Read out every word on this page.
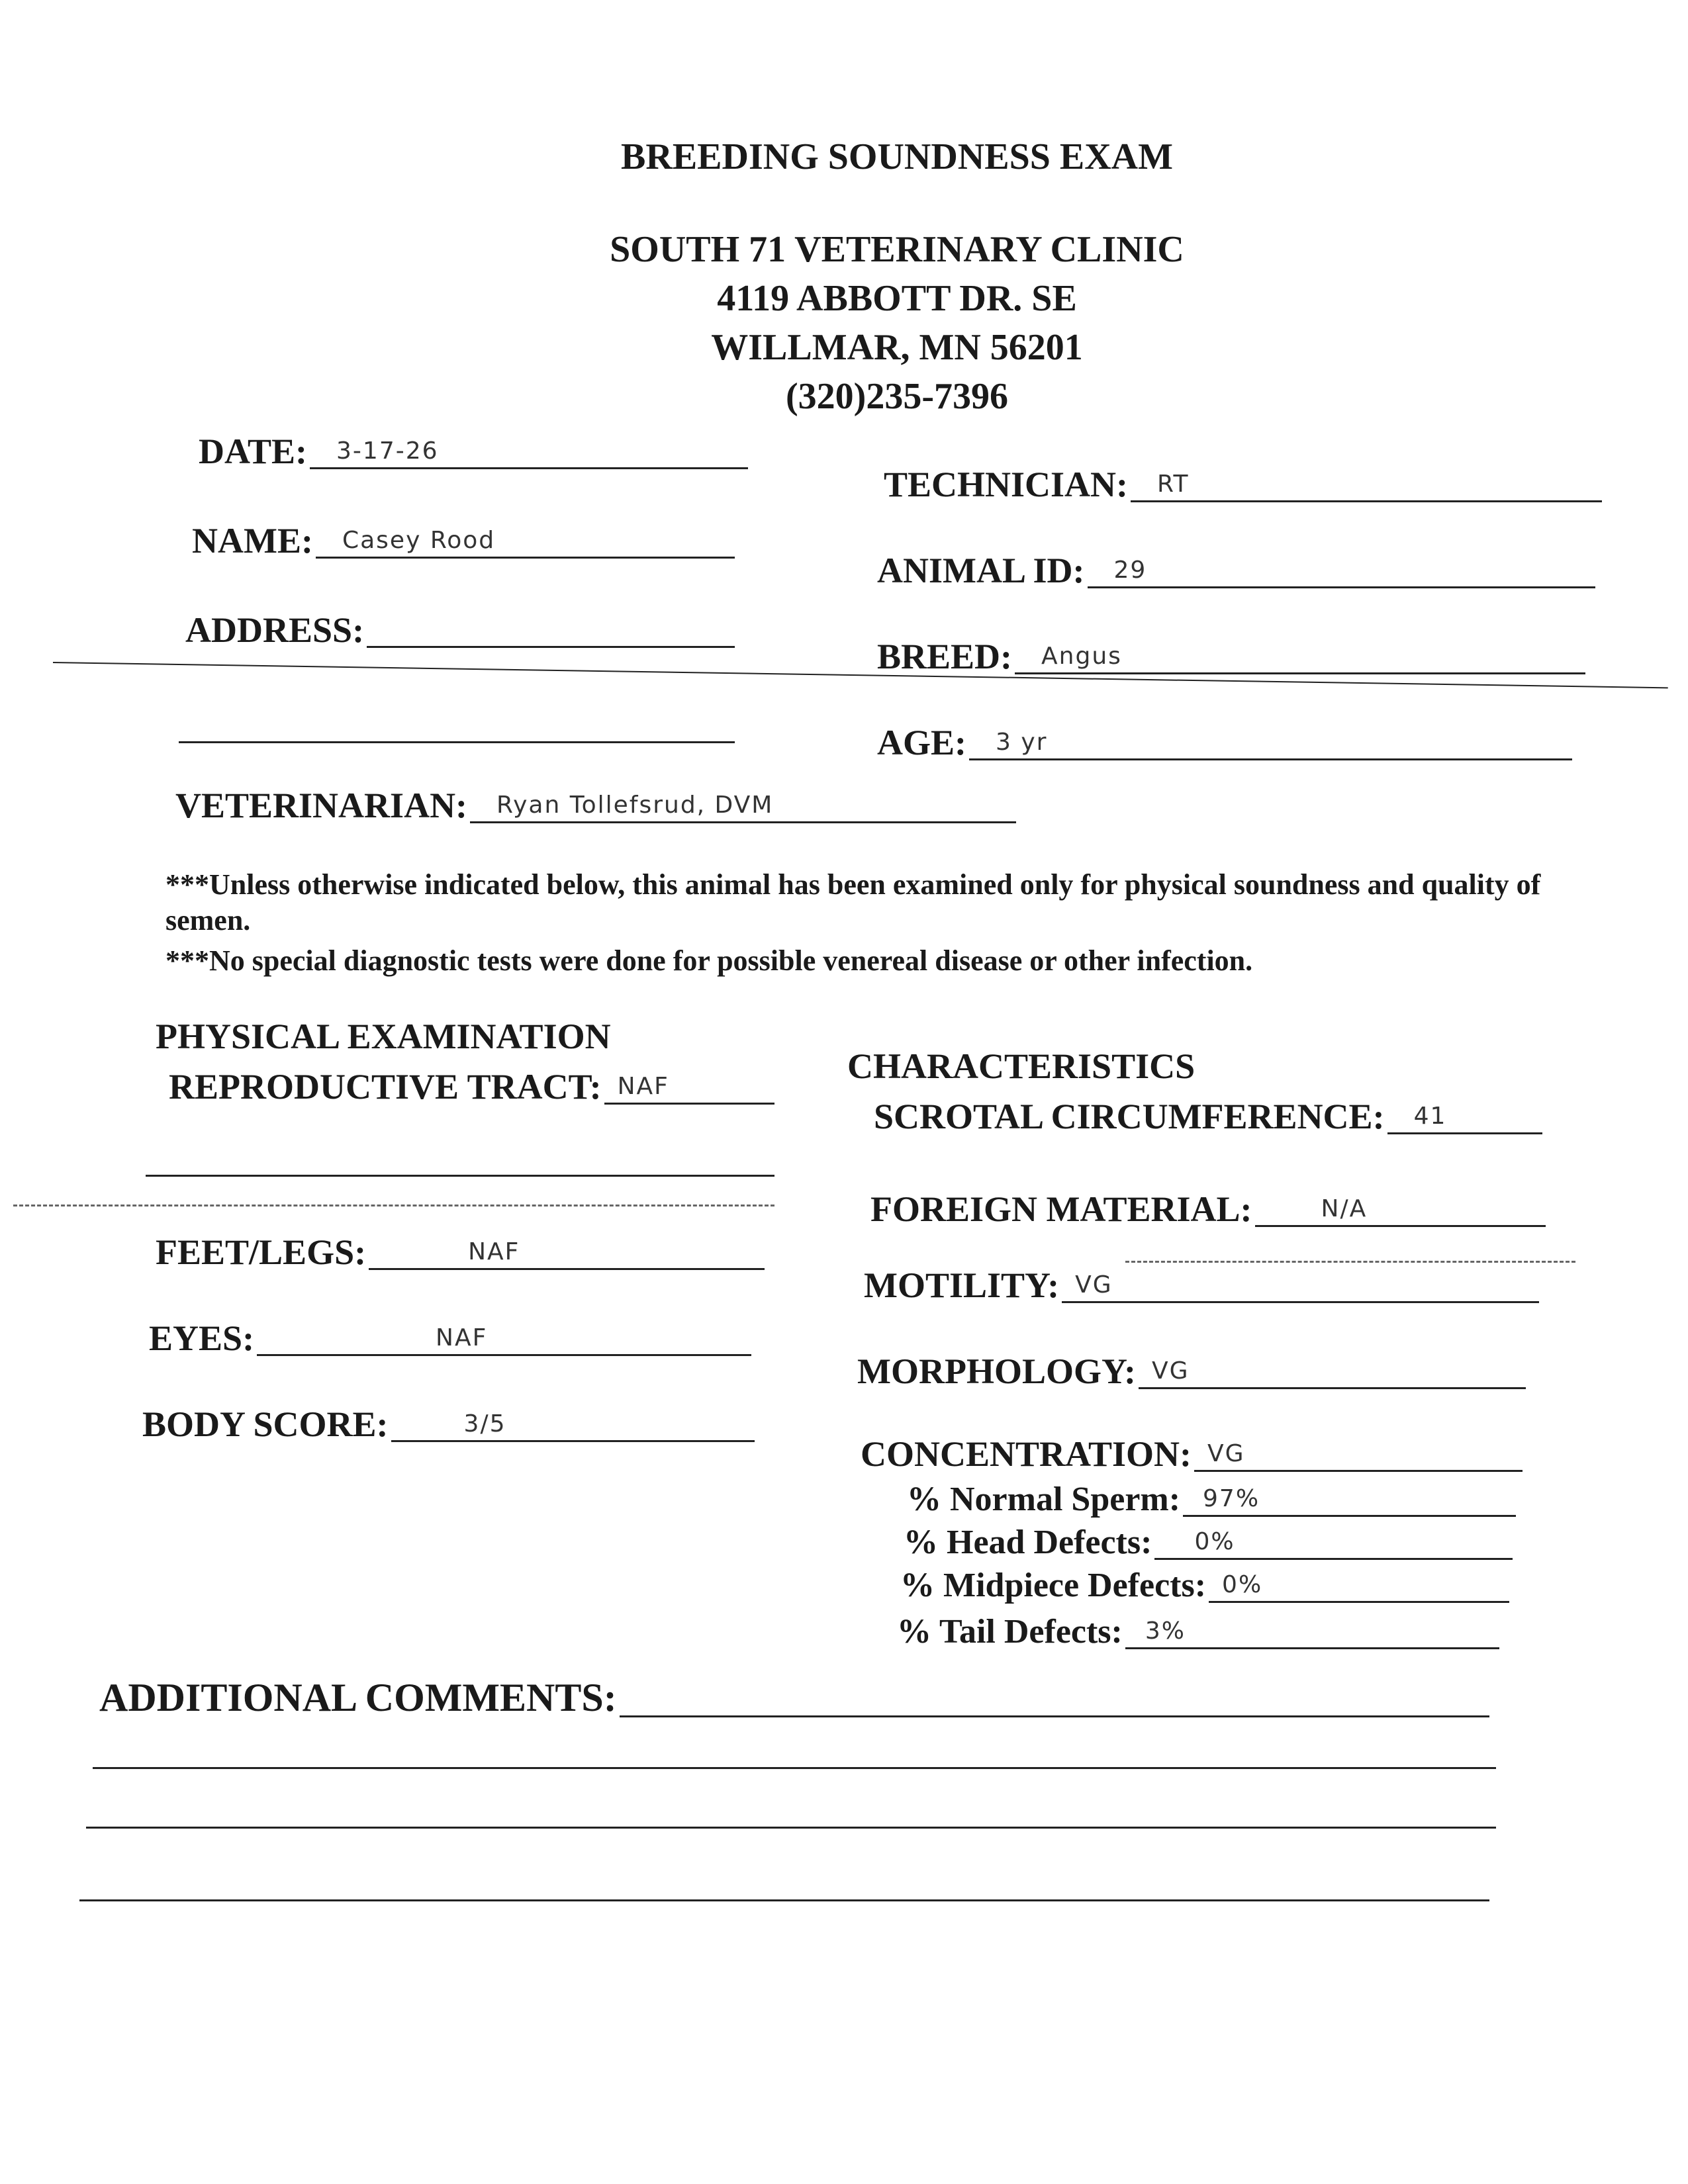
BREEDING SOUNDNESS EXAM
SOUTH 71 VETERINARY CLINIC
4119 ABBOTT DR. SE
WILLMAR, MN 56201
(320)235-7396
DATE: 3-17-26
NAME: Casey Rood
ADDRESS:
TECHNICIAN: RT
ANIMAL ID: 29
BREED: Angus
AGE: 3 yr
VETERINARIAN: Ryan Tollefsrud, DVM
***Unless otherwise indicated below, this animal has been examined only for physical soundness and quality of semen.
***No special diagnostic tests were done for possible venereal disease or other infection.
PHYSICAL EXAMINATION
REPRODUCTIVE TRACT: NAF
FEET/LEGS:	NAF
EYES:	NAF
BODY SCORE:	3/5
CHARACTERISTICS
SCROTAL CIRCUMFERENCE: 41
FOREIGN MATERIAL:	N/A
MOTILITY: VG
MORPHOLOGY: VG
CONCENTRATION: VG
% Normal Sperm: 97%
% Head Defects: 0%
% Midpiece Defects: 0%
% Tail Defects: 3%
ADDITIONAL COMMENTS:
